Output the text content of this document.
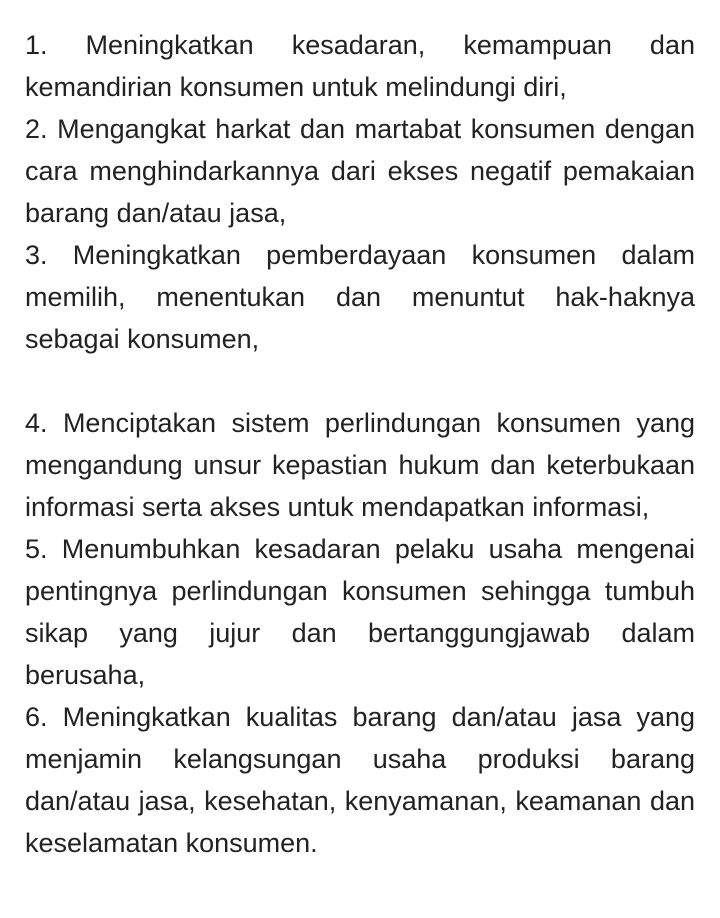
1. Meningkatkan kesadaran, kemampuan dan kemandirian konsumen untuk melindungi diri,

2. Mengangkat harkat dan martabat konsumen dengan cara menghindarkannya dari ekses negatif pemakaian barang dan/atau jasa,

3. Meningkatkan pemberdayaan konsumen dalam memilih, menentukan dan menuntut hak-haknya sebagai konsumen,

4. Menciptakan sistem perlindungan konsumen yang mengandung unsur kepastian hukum dan keterbukaan informasi serta akses untuk mendapatkan informasi,

5. Menumbuhkan kesadaran pelaku usaha mengenai pentingnya perlindungan konsumen sehingga tumbuh sikap yang jujur dan bertanggungjawab dalam berusaha,

6. Meningkatkan kualitas barang dan/atau jasa yang menjamin kelangsungan usaha produksi barang dan/atau jasa, kesehatan, kenyamanan, keamanan dan keselamatan konsumen.
